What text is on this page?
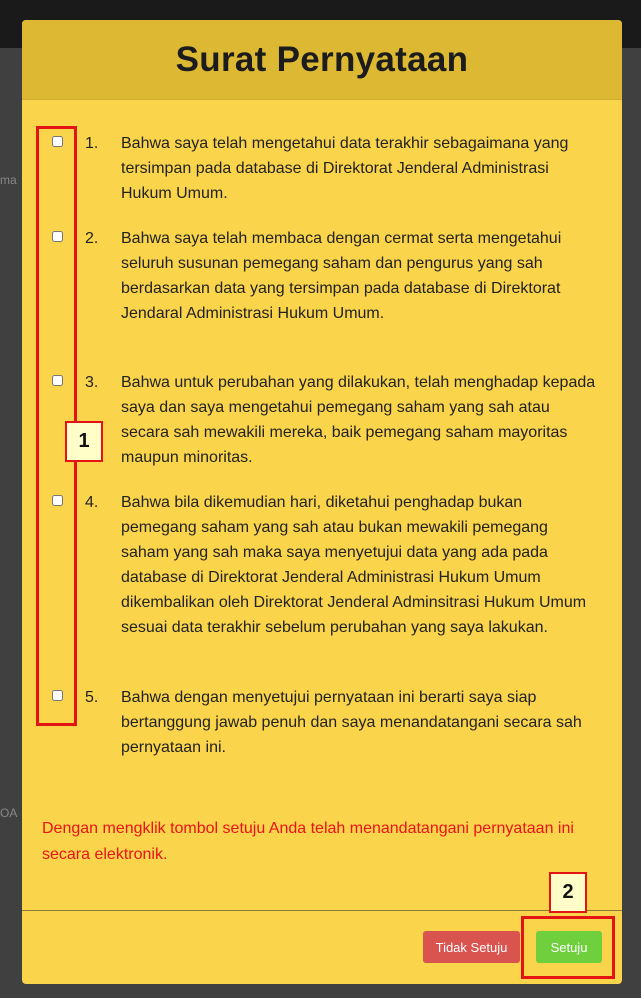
ma
OA
Surat Pernyataan
1. Bahwa saya telah mengetahui data terakhir sebagaimana yang tersimpan pada database di Direktorat Jenderal Administrasi Hukum Umum.
2. Bahwa saya telah membaca dengan cermat serta mengetahui seluruh susunan pemegang saham dan pengurus yang sah berdasarkan data yang tersimpan pada database di Direktorat Jendaral Administrasi Hukum Umum.
3. Bahwa untuk perubahan yang dilakukan, telah menghadap kepada saya dan saya mengetahui pemegang saham yang sah atau secara sah mewakili mereka, baik pemegang saham mayoritas maupun minoritas.
4. Bahwa bila dikemudian hari, diketahui penghadap bukan pemegang saham yang sah atau bukan mewakili pemegang saham yang sah maka saya menyetujui data yang ada pada database di Direktorat Jenderal Administrasi Hukum Umum dikembalikan oleh Direktorat Jenderal Adminsitrasi Hukum Umum sesuai data terakhir sebelum perubahan yang saya lakukan.
5. Bahwa dengan menyetujui pernyataan ini berarti saya siap bertanggung jawab penuh dan saya menandatangani secara sah pernyataan ini.
Dengan mengklik tombol setuju Anda telah menandatangani pernyataan ini secara elektronik.
Tidak Setuju	Setuju
1
2
